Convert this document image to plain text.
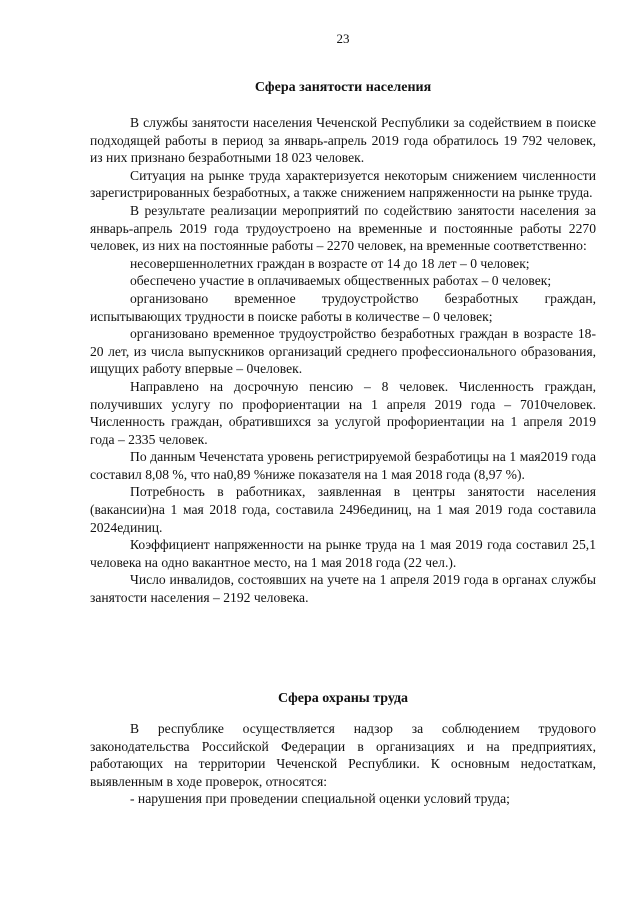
23
Сфера занятости населения

В службы занятости населения Чеченской Республики за содействием в поиске подходящей работы в период за январь-апрель 2019 года обратилось 19 792 человек, из них признано безработными 18 023 человек.

Ситуация на рынке труда характеризуется некоторым снижением численности зарегистрированных безработных, а также снижением напряженности на рынке труда.

В результате реализации мероприятий по содействию занятости населения за январь-апрель 2019 года трудоустроено на временные и постоянные работы 2270 человек, из них на постоянные работы – 2270 человек, на временные соответственно:

несовершеннолетних граждан в возрасте от 14 до 18 лет – 0 человек;

обеспечено участие в оплачиваемых общественных работах – 0 человек;

организовано временное трудоустройство безработных граждан, испытывающих трудности в поиске работы в количестве – 0 человек;

организовано временное трудоустройство безработных граждан в возрасте 18-20 лет, из числа выпускников организаций среднего профессионального образования, ищущих работу впервые – 0человек.

Направлено на досрочную пенсию – 8 человек. Численность граждан, получивших услугу по профориентации на 1 апреля 2019 года – 7010человек. Численность граждан, обратившихся за услугой профориентации на 1 апреля 2019 года – 2335 человек.

По данным Чеченстата уровень регистрируемой безработицы на 1 мая2019 года составил 8,08 %, что на0,89 %ниже показателя на 1 мая 2018 года (8,97 %).

Потребность в работниках, заявленная в центры занятости населения (вакансии)на 1 мая 2018 года, составила 2496единиц, на 1 мая 2019 года составила 2024единиц.

Коэффициент напряженности на рынке труда на 1 мая 2019 года составил 25,1 человека на одно вакантное место, на 1 мая 2018 года (22 чел.).

Число инвалидов, состоявших на учете на 1 апреля 2019 года в органах службы занятости населения – 2192 человека.

Сфера охраны труда

В республике осуществляется надзор за соблюдением трудового законодательства Российской Федерации в организациях и на предприятиях, работающих на территории Чеченской Республики. К основным недостаткам, выявленным в ходе проверок, относятся:

- нарушения при проведении специальной оценки условий труда;
